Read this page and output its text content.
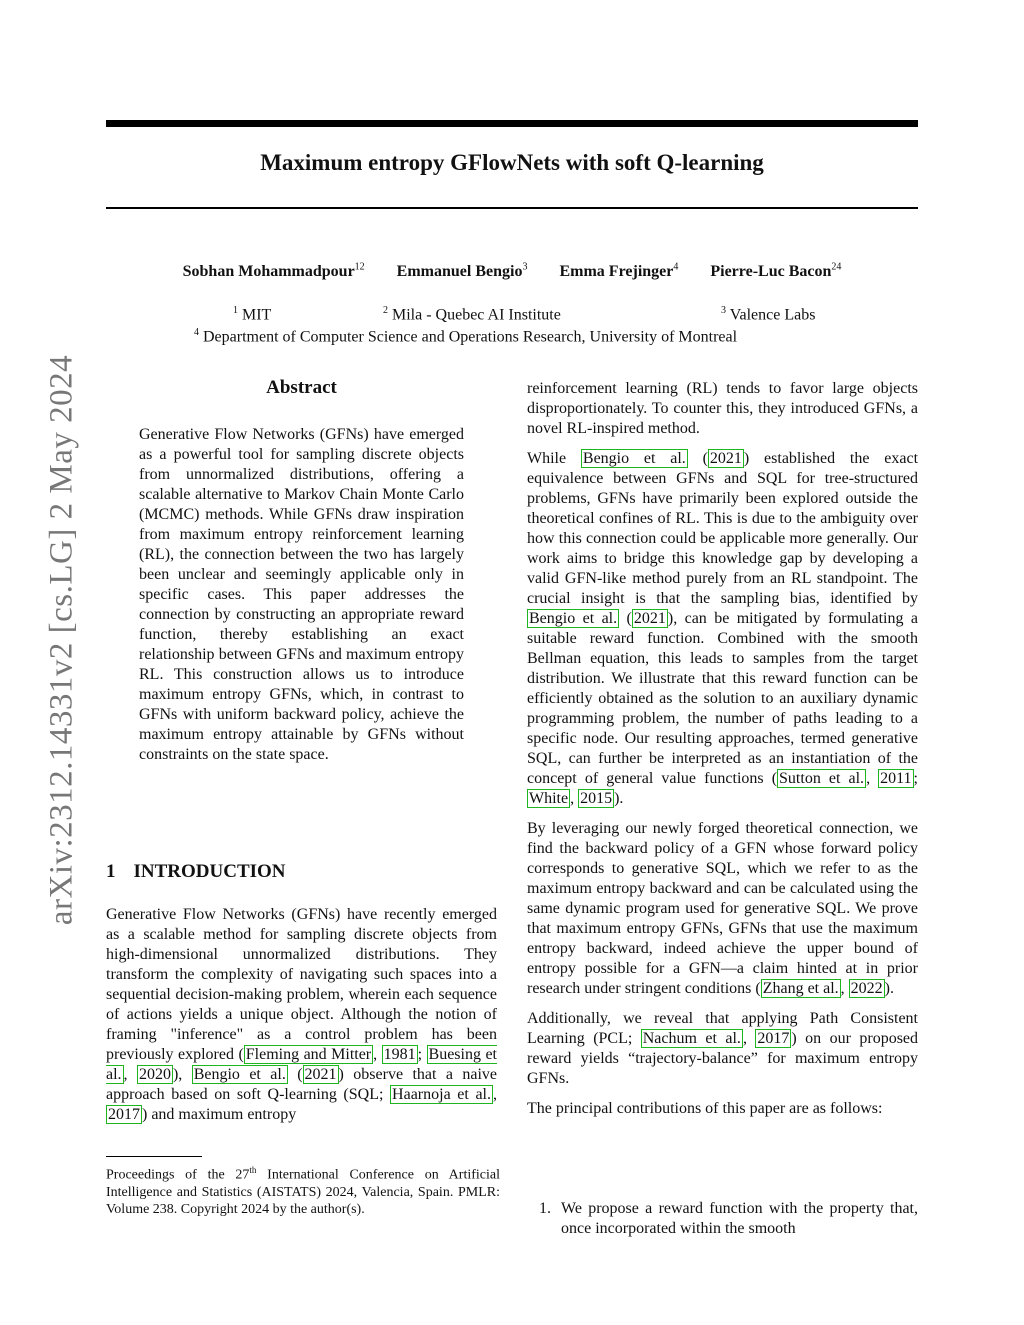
Maximum entropy GFlowNets with soft Q-learning
Sobhan Mohammadpour$^{12}$ Emmanuel Bengio$^3$ Emma Frejinger$^4$ Pierre-Luc Bacon$^{24}$
$^1$ MIT	$^2$ Mila - Quebec AI Institute	$^3$ Valence Labs
$^4$ Department of Computer Science and Operations Research, University of Montreal
arXiv:2312.14331v2 [cs.LG] 2 May 2024	Abstract

Generative Flow Networks (GFNs) have emerged as a powerful tool for sampling discrete objects from unnormalized distributions, offering a scalable alternative to Markov Chain Monte Carlo (MCMC) methods. While GFNs draw inspiration from maximum entropy reinforcement learning (RL), the connection between the two has largely been unclear and seemingly applicable only in specific cases. This paper addresses the connection by constructing an appropriate reward function, thereby establishing an exact relationship between GFNs and maximum entropy RL. This construction allows us to introduce maximum entropy GFNs, which, in contrast to GFNs with uniform backward policy, achieve the maximum entropy attainable by GFNs without constraints on the state space.

1 INTRODUCTION

Generative Flow Networks (GFNs) have recently emerged as a scalable method for sampling discrete objects from high-dimensional unnormalized distributions. They transform the complexity of navigating such spaces into a sequential decision-making problem, wherein each sequence of actions yields a unique object. Although the notion of framing "inference" as a control problem has been previously explored ( Fleming and Mitter , 1981 ; Buesing et al. , 2020 ), Bengio et al. ( 2021 ) observe that a naive approach based on soft Q-learning (SQL; Haarnoja et al. , 2017 ) and maximum entropy

Proceedings of the 27th International Conference on Artificial Intelligence and Statistics (AISTATS) 2024, Valencia, Spain. PMLR: Volume 238. Copyright 2024 by the author(s).

reinforcement learning (RL) tends to favor large objects disproportionately. To counter this, they introduced GFNs, a novel RL-inspired method.

While Bengio et al. ( 2021 ) established the exact equivalence between GFNs and SQL for tree-structured problems, GFNs have primarily been explored outside the theoretical confines of RL. This is due to the ambiguity over how this connection could be applicable more generally. Our work aims to bridge this knowledge gap by developing a valid GFN-like method purely from an RL standpoint. The crucial insight is that the sampling bias, identified by Bengio et al. ( 2021 ), can be mitigated by formulating a suitable reward function. Combined with the smooth Bellman equation, this leads to samples from the target distribution. We illustrate that this reward function can be efficiently obtained as the solution to an auxiliary dynamic programming problem, the number of paths leading to a specific node. Our resulting approaches, termed generative SQL, can further be interpreted as an instantiation of the concept of general value functions ( Sutton et al. , 2011 ; White , 2015 ).

By leveraging our newly forged theoretical connection, we find the backward policy of a GFN whose forward policy corresponds to generative SQL, which we refer to as the maximum entropy backward and can be calculated using the same dynamic program used for generative SQL. We prove that maximum entropy GFNs, GFNs that use the maximum entropy backward, indeed achieve the upper bound of entropy possible for a GFN—a claim hinted at in prior research under stringent conditions ( Zhang et al. , 2022 ).

Additionally, we reveal that applying Path Consistent Learning (PCL; Nachum et al. , 2017 ) on our proposed reward yields “trajectory-balance” for maximum entropy GFNs.

The principal contributions of this paper are as follows:

1. We propose a reward function with the property that, once incorporated within the smooth
